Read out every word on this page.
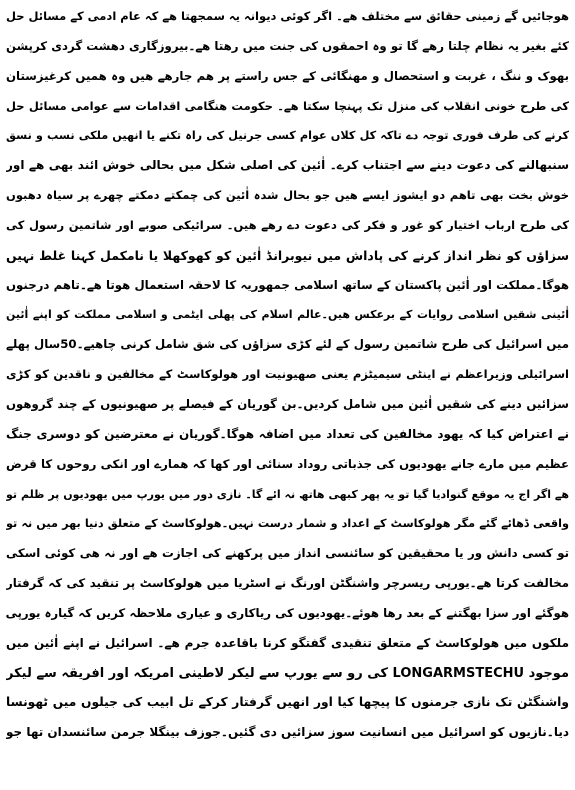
ھوجائیں گے زمینی حقائق سے مختلف ھے۔ اگر کوئی دیوانہ یہ سمجھتا ھے کہ عام ادمی کے مسائل حل
کئے بغیر یہ نظام چلتا رھے گا تو وہ احمقوں کی جنت میں رھتا ھے۔بیروزگاری دھشت گردی کرپشن
بھوک و ننگ ، غربت و استحصال و مھنگائی کے جس راستے پر ھم جارھے ھیں وہ ھمیں کرغیزستان
کی طرح خونی انقلاب کی منزل تک پہنچا سکتا ھے۔ حکومت ھنگامی اقدامات سے عوامی مسائل حل
کرنے کی طرف فوری توجہ دے تاکہ کل کلاں عوام کسی جرنیل کی راہ تکنے یا انھیں ملکی نسب و نسق
سنبھالنے کی دعوت دینے سے اجتناب کرے۔ اٰئین کی اصلی شکل میں بحالی خوش ائند بھی ھے اور
خوش بخت بھی تاھم دو ایشوز ایسے ھیں جو بحال شدہ اٰئین کی چمکتے دمکتے چھرے پر سیاہ دھبوں
کی طرح ارباب اختیار کو غور و فکر کی دعوت دے رھے ھیں۔ سرائیکی صوبے اور شاتمین رسول کی
سزاؤں کو نظر انداز کرنے کی پاداش میں نیوبرانڈ اٰئین کو کھوکھلا یا نامکمل کہنا غلط نہیں
ھوگا۔مملکت اور اٰئین پاکستان کے ساتھ اسلامی جمھوریہ کا لاحقہ استعمال ھوتا ھے۔تاھم درجنوں
اٰئینی شقیں اسلامی روایات کے برعکس ھیں۔عالم اسلام کی پھلی ایٹمی و اسلامی مملکت کو اپنے اٰئین
میں اسرائیل کی طرح شاتمین رسول کے لئے کڑی سزاؤں کی شق شامل کرنی چاھیے۔50سال پھلے
اسرائیلی وزیراعظم نے اینٹی سیمیٹزم یعنی صھیونیت اور ھولوکاسٹ کے مخالفین و ناقدین کو کڑی
سزائیں دینے کی شقیں اٰئین میں شامل کردیں۔بن گوریان کے فیصلے پر صھیونیوں کے چند گروھوں
نے اعتراض کیا کہ یھود مخالفین کی تعداد میں اضافہ ھوگا۔گوریان نے معترضین کو دوسری جنگ
عظیم میں مارے جانے یھودیوں کی جذباتی روداد سنائی اور کھا کہ ھمارے اور انکی روحوں کا قرض
ھے اگر اج یہ موقع گنوادیا گیا تو یہ پھر کبھی ھاتھ نہ ائے گا۔ نازی دور میں یورپ میں یھودیوں پر ظلم تو
واقعی ڈھائے گئے مگر ھولوکاسٹ کے اعداد و شمار درست نہیں۔ھولوکاسٹ کے متعلق دنیا بھر میں نہ تو
تو کسی دانش ور یا محقیقین کو سائنسی انداز میں پرکھنے کی اجازت ھے اور نہ ھی کوئی اسکی
مخالفت کرتا ھے۔یورپی ریسرچر واشنگٹن اورنگ نے اسٹریا میں ھولوکاسٹ پر تنقید کی کہ گرفتار
ھوگئے اور سزا بھگتنے کے بعد رھا ھوئے۔یھودیوں کی ریاکاری و عیاری ملاحظہ کریں کہ گیارہ یورپی
ملکوں میں ھولوکاسٹ کے متعلق تنقیدی گفتگو کرنا باقاعدہ جرم ھے۔ اسرائیل نے اپنے اٰئین میں
موجود LONGARMSTECHU کی رو سے یورپ سے لیکر لاطینی امریکہ اور افریقہ سے لیکر
واشنگٹن تک نازی جرمنوں کا پیچھا کیا اور انھیں گرفتار کرکے تل ابیب کی جیلوں میں ٹھونسا
دیا۔نازیوں کو اسرائیل میں انسانیت سوز سزائیں دی گئیں۔جوزف بینگلا جرمن سائنسدان تھا جو
